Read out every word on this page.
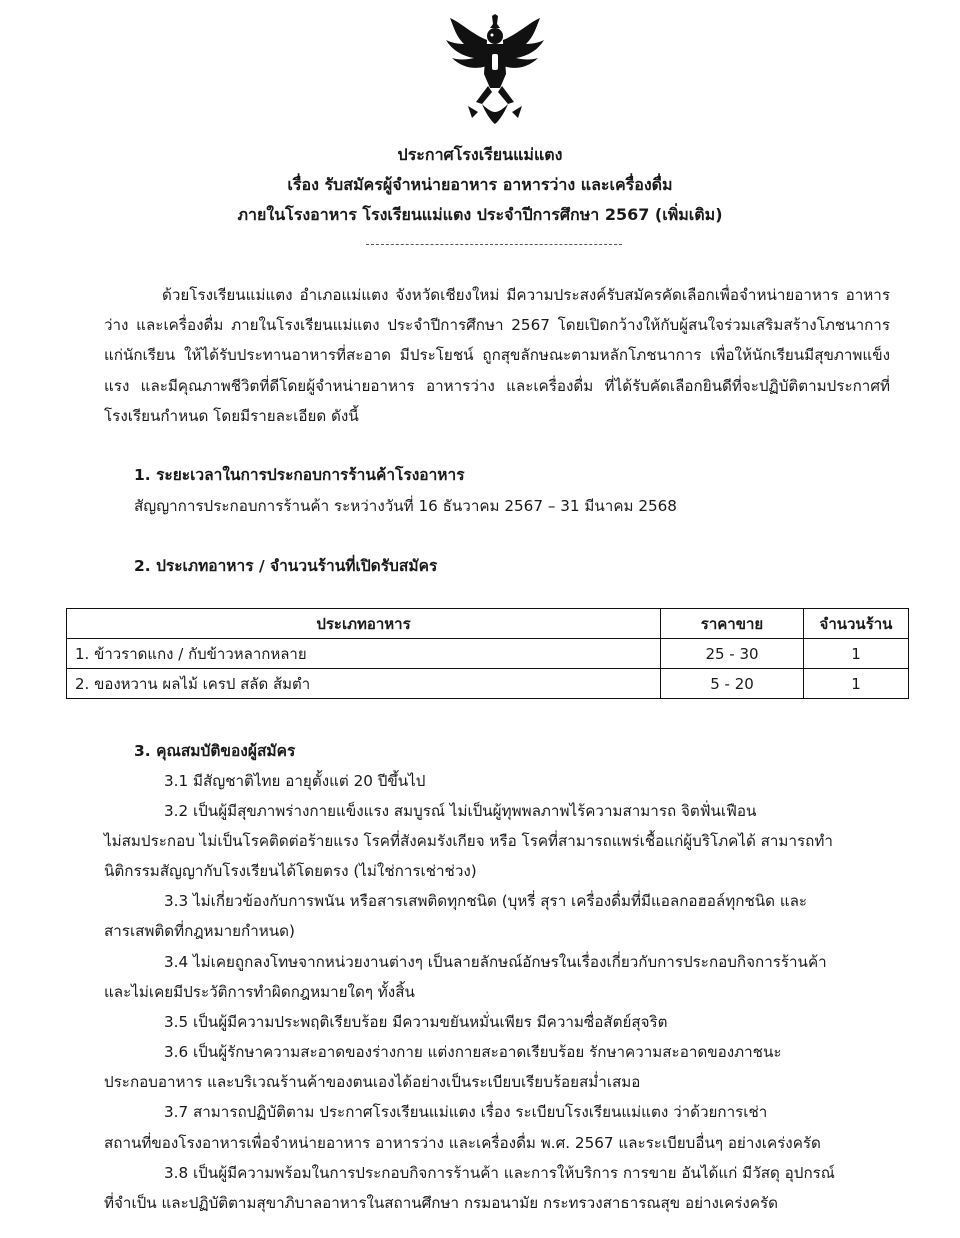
ประกาศโรงเรียนแม่แตง
เรื่อง รับสมัครผู้จำหน่ายอาหาร อาหารว่าง และเครื่องดื่ม
ภายในโรงอาหาร โรงเรียนแม่แตง ประจำปีการศึกษา 2567 (เพิ่มเติม)
ด้วยโรงเรียนแม่แตง อำเภอแม่แตง จังหวัดเชียงใหม่ มีความประสงค์รับสมัครคัดเลือกเพื่อจำหน่ายอาหาร อาหารว่าง และเครื่องดื่ม ภายในโรงเรียนแม่แตง ประจำปีการศึกษา 2567 โดยเปิดกว้างให้กับผู้สนใจร่วมเสริมสร้างโภชนาการแก่นักเรียน ให้ได้รับประทานอาหารที่สะอาด มีประโยชน์ ถูกสุขลักษณะตามหลักโภชนาการ เพื่อให้นักเรียนมีสุขภาพแข็งแรง และมีคุณภาพชีวิตที่ดีโดยผู้จำหน่ายอาหาร อาหารว่าง และเครื่องดื่ม ที่ได้รับคัดเลือกยินดีที่จะปฏิบัติตามประกาศที่โรงเรียนกำหนด โดยมีรายละเอียด ดังนี้
1. ระยะเวลาในการประกอบการร้านค้าโรงอาหาร
สัญญาการประกอบการร้านค้า ระหว่างวันที่ 16 ธันวาคม 2567 – 31 มีนาคม 2568
2. ประเภทอาหาร / จำนวนร้านที่เปิดรับสมัคร
ประเภทอาหาร	ราคาขาย	จำนวนร้าน
1. ข้าวราดแกง / กับข้าวหลากหลาย	25 - 30	1
2. ของหวาน ผลไม้ เครป สลัด ส้มตำ	5 - 20	1
3. คุณสมบัติของผู้สมัคร
3.1 มีสัญชาติไทย อายุตั้งแต่ 20 ปีขึ้นไป
3.2 เป็นผู้มีสุขภาพร่างกายแข็งแรง สมบูรณ์ ไม่เป็นผู้ทุพพลภาพไร้ความสามารถ จิตฟั่นเฟือน
ไม่สมประกอบ ไม่เป็นโรคติดต่อร้ายแรง โรคที่สังคมรังเกียจ หรือ โรคที่สามารถแพร่เชื้อแก่ผู้บริโภคได้ สามารถทำ
นิติกรรมสัญญากับโรงเรียนได้โดยตรง (ไม่ใช่การเช่าช่วง)
3.3 ไม่เกี่ยวข้องกับการพนัน หรือสารเสพติดทุกชนิด (บุหรี่ สุรา เครื่องดื่มที่มีแอลกอฮอล์ทุกชนิด และ
สารเสพติดที่กฎหมายกำหนด)
3.4 ไม่เคยถูกลงโทษจากหน่วยงานต่างๆ เป็นลายลักษณ์อักษรในเรื่องเกี่ยวกับการประกอบกิจการร้านค้า
และไม่เคยมีประวัติการทำผิดกฎหมายใดๆ ทั้งสิ้น
3.5 เป็นผู้มีความประพฤติเรียบร้อย มีความขยันหมั่นเพียร มีความซื่อสัตย์สุจริต
3.6 เป็นผู้รักษาความสะอาดของร่างกาย แต่งกายสะอาดเรียบร้อย รักษาความสะอาดของภาชนะ
ประกอบอาหาร และบริเวณร้านค้าของตนเองได้อย่างเป็นระเบียบเรียบร้อยสม่ำเสมอ
3.7 สามารถปฏิบัติตาม ประกาศโรงเรียนแม่แตง เรื่อง ระเบียบโรงเรียนแม่แตง ว่าด้วยการเช่า
สถานที่ของโรงอาหารเพื่อจำหน่ายอาหาร อาหารว่าง และเครื่องดื่ม พ.ศ. 2567 และระเบียบอื่นๆ อย่างเคร่งครัด
3.8 เป็นผู้มีความพร้อมในการประกอบกิจการร้านค้า และการให้บริการ การขาย อันได้แก่ มีวัสดุ อุปกรณ์
ที่จำเป็น และปฏิบัติตามสุขาภิบาลอาหารในสถานศึกษา กรมอนามัย กระทรวงสาธารณสุข อย่างเคร่งครัด
